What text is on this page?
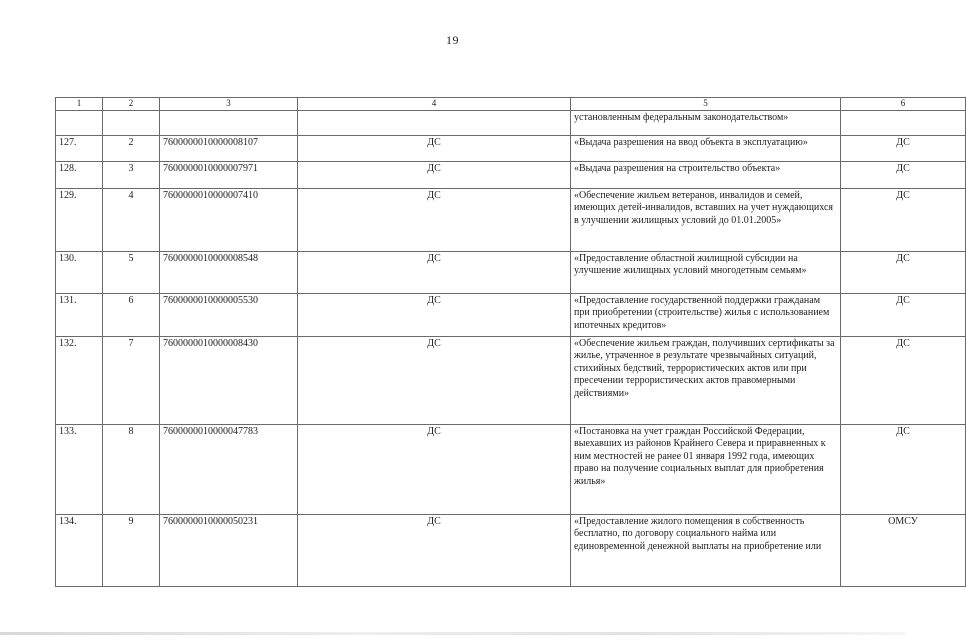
19
1	2	3	4	5	6
				установленным федеральным законодательством»	
127.	2	7600000010000008107	ДС	«Выдача разрешения на ввод объекта в эксплуатацию»	ДС
128.	3	7600000010000007971	ДС	«Выдача разрешения на строительство объекта»	ДС
129.	4	7600000010000007410	ДС	«Обеспечение жильем ветеранов, инвалидов и семей, имеющих детей-инвалидов, вставших на учет нуждающихся в улучшении жилищных условий до 01.01.2005»	ДС
130.	5	7600000010000008548	ДС	«Предоставление областной жилищной субсидии на улучшение жилищных условий многодетным семьям»	ДС
131.	6	7600000010000005530	ДС	«Предоставление государственной поддержки гражданам при приобретении (строительстве) жилья с использованием ипотечных кредитов»	ДС
132.	7	7600000010000008430	ДС	«Обеспечение жильем граждан, получивших сертификаты за жилье, утраченное в результате чрезвычайных ситуаций, стихийных бедствий, террористических актов или при пресечении террористических актов правомерными действиями»	ДС
133.	8	7600000010000047783	ДС	«Постановка на учет граждан Российской Федерации, выехавших из районов Крайнего Севера и приравненных к ним местностей не ранее 01 января 1992 года, имеющих право на получение социальных выплат для приобретения жилья»	ДС
134.	9	7600000010000050231	ДС	«Предоставление жилого помещения в собственность бесплатно, по договору социального найма или единовременной денежной выплаты на приобретение или	ОМСУ
